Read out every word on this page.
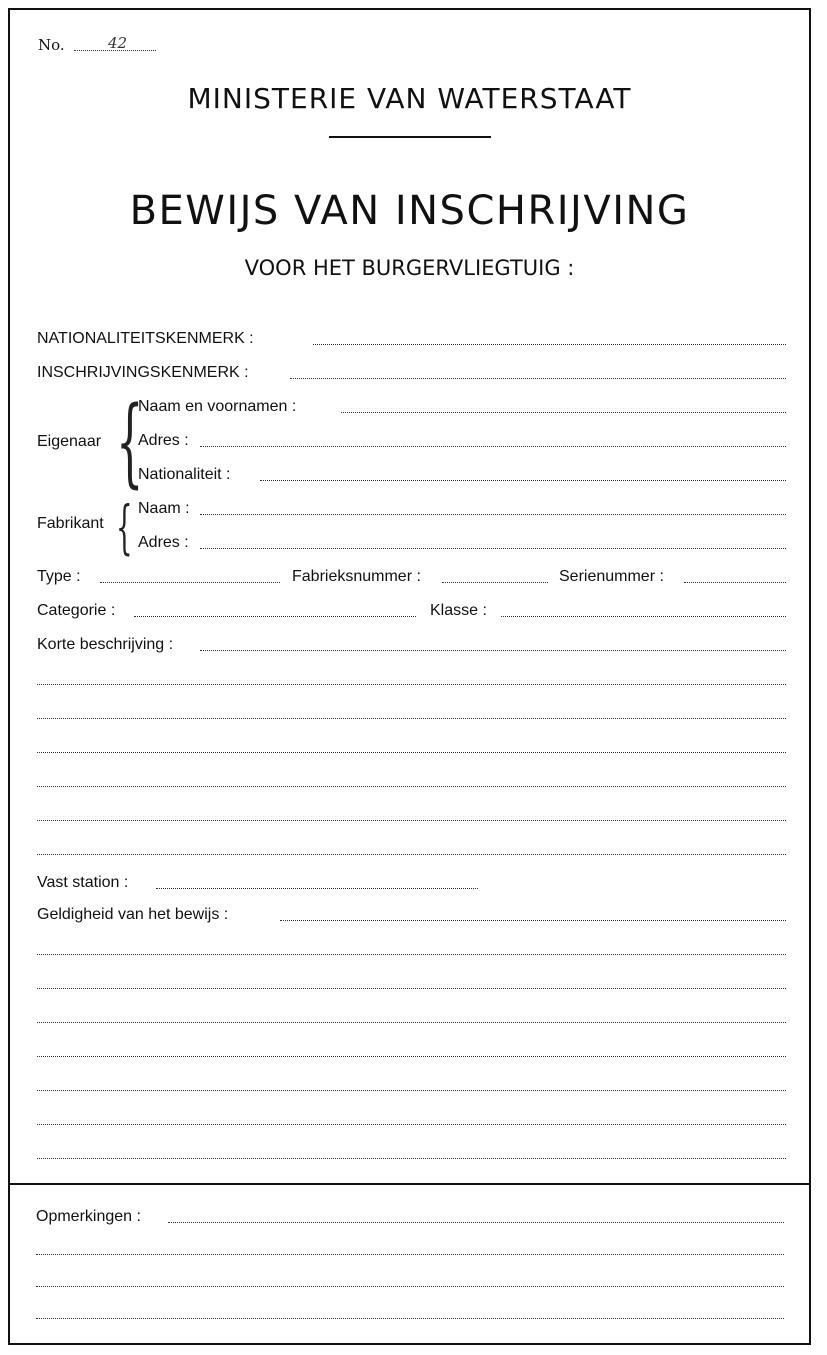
No.	42
MINISTERIE VAN WATERSTAAT
BEWIJS VAN INSCHRIJVING
VOOR HET BURGERVLIEGTUIG :
NATIONALITEITSKENMERK :
INSCHRIJVINGSKENMERK :
{
Eigenaar
Naam en voornamen :
Adres :
Nationaliteit :
{
Fabrikant
Naam :
Adres :
Type :	Fabrieksnummer :	Serienummer :
Categorie :	Klasse :
Korte beschrijving :
Vast station :
Geldigheid van het bewijs :
Opmerkingen :
